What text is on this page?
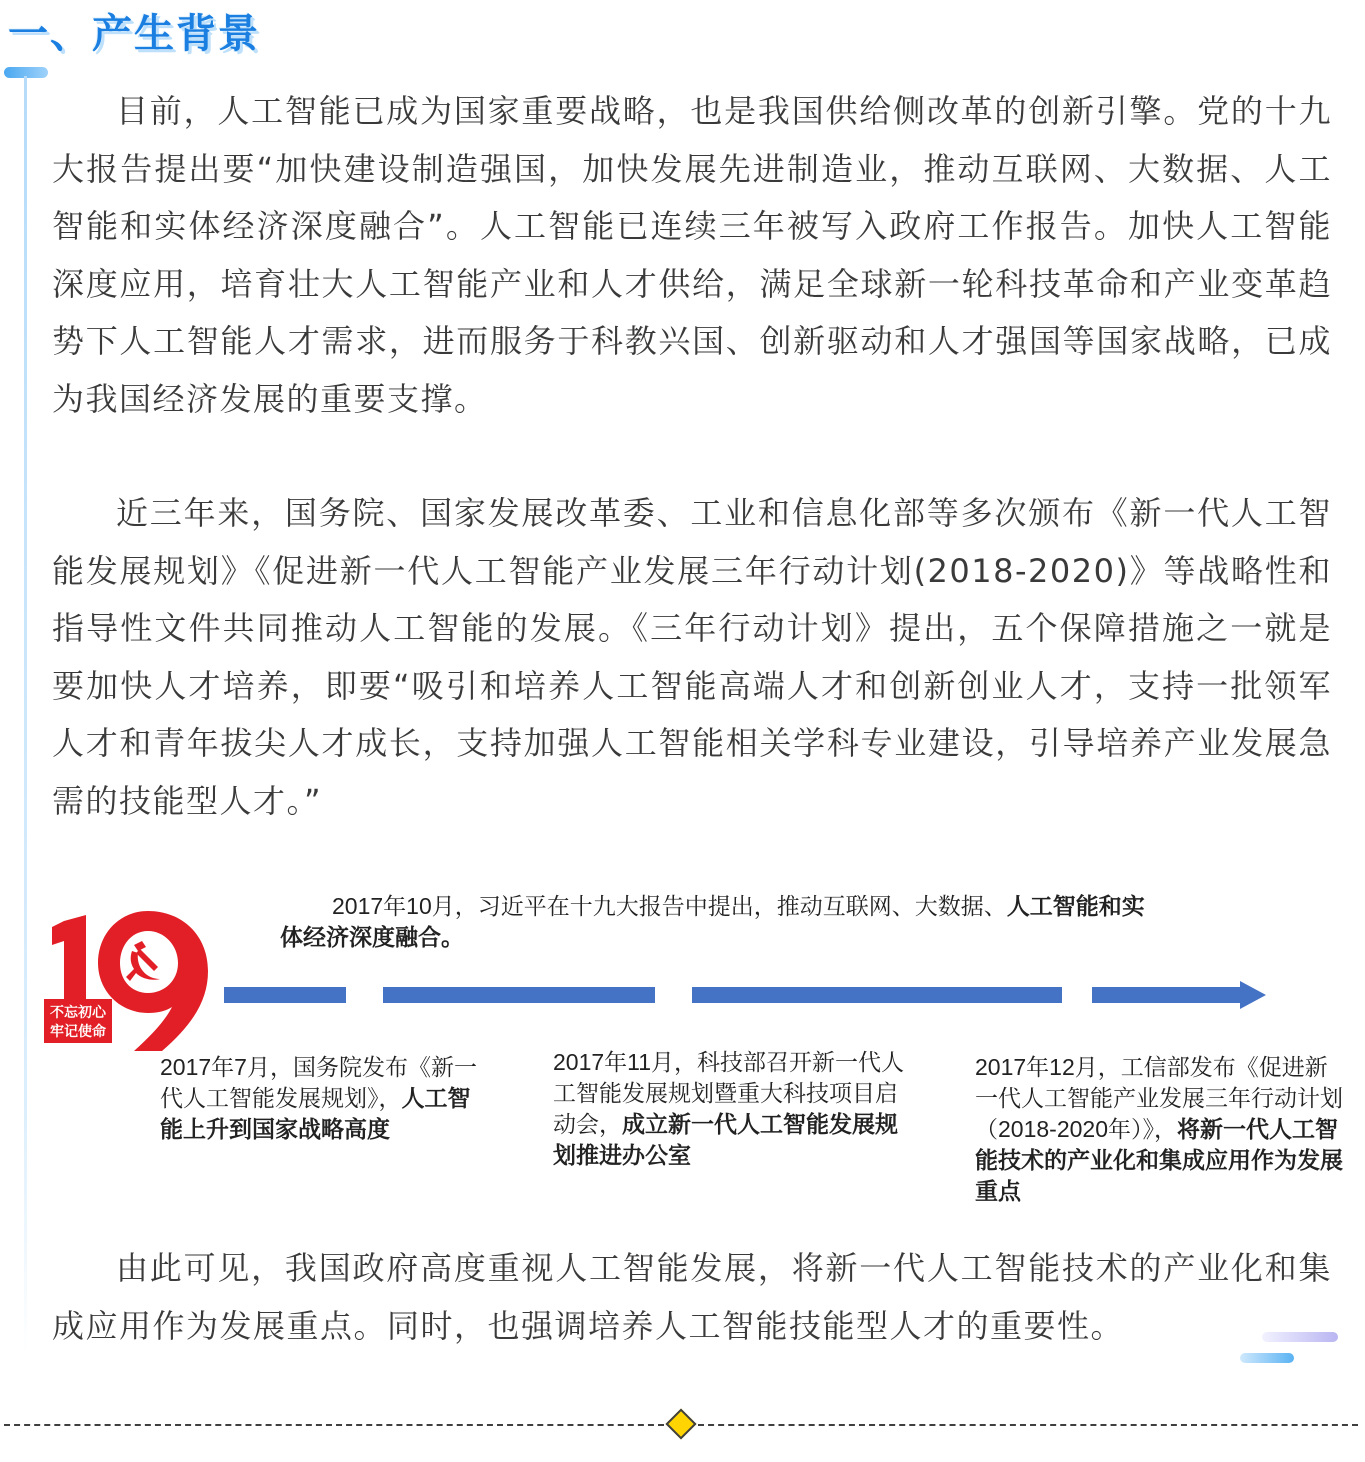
一、产生背景

目前，人工智能已成为国家重要战略，也是我国供给侧改革的创新引擎。党的十九大报告提出要“加快建设制造强国，加快发展先进制造业，推动互联网、大数据、人工智能和实体经济深度融合”。人工智能已连续三年被写入政府工作报告。加快人工智能深度应用，培育壮大人工智能产业和人才供给，满足全球新一轮科技革命和产业变革趋势下人工智能人才需求，进而服务于科教兴国、创新驱动和人才强国等国家战略，已成为我国经济发展的重要支撑。

近三年来，国务院、国家发展改革委、工业和信息化部等多次颁布《新一代人工智能发展规划》《促进新一代人工智能产业发展三年行动计划(2018-2020)》等战略性和指导性文件共同推动人工智能的发展。《三年行动计划》提出，五个保障措施之一就是要加快人才培养，即要“吸引和培养人工智能高端人才和创新创业人才，支持一批领军人才和青年拔尖人才成长，支持加强人工智能相关学科专业建设，引导培养产业发展急需的技能型人才。”

不忘初心
牢记使命
2017年10月，习近平在十九大报告中提出，推动互联网、大数据、人工智能和实
体经济深度融合。

2017年7月，国务院发布《新一代人工智能发展规划》，人工智能上升到国家战略高度

2017年11月，科技部召开新一代人工智能发展规划暨重大科技项目启动会，成立新一代人工智能发展规划推进办公室

2017年12月，工信部发布《促进新一代人工智能产业发展三年行动计划（2018-2020年）》，将新一代人工智能技术的产业化和集成应用作为发展重点

由此可见，我国政府高度重视人工智能发展，将新一代人工智能技术的产业化和集成应用作为发展重点。同时，也强调培养人工智能技能型人才的重要性。
